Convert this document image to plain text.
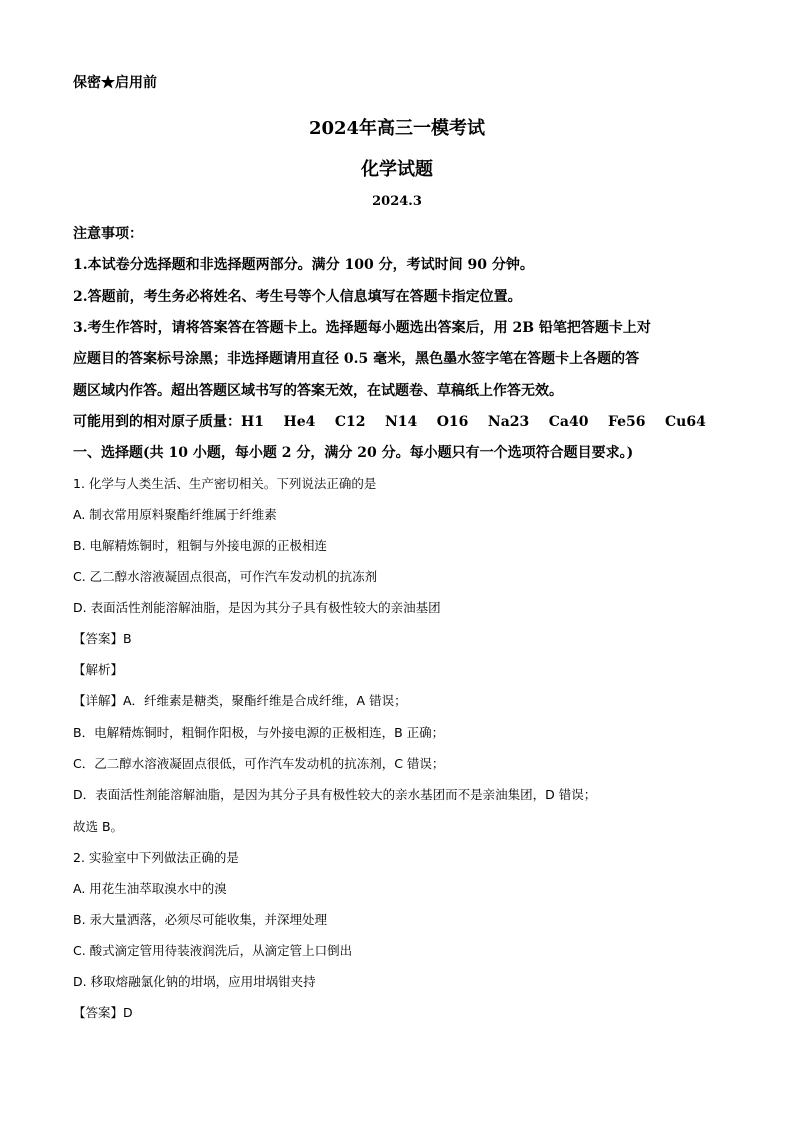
保密★启用前
2024年高三一模考试
化学试题
2024.3
注意事项：
1.本试卷分选择题和非选择题两部分。满分 100 分，考试时间 90 分钟。
2.答题前，考生务必将姓名、考生号等个人信息填写在答题卡指定位置。
3.考生作答时，请将答案答在答题卡上。选择题每小题选出答案后，用 2B 铅笔把答题卡上对
应题目的答案标号涂黑；非选择题请用直径 0.5 毫米，黑色墨水签字笔在答题卡上各题的答
题区域内作答。超出答题区域书写的答案无效，在试题卷、草稿纸上作答无效。
可能用到的相对原子质量：H1    He4    C12    N14    O16    Na23    Ca40    Fe56    Cu64
一、选择题(共 10 小题，每小题 2 分，满分 20 分。每小题只有一个选项符合题目要求。)
1. 化学与人类生活、生产密切相关。下列说法正确的是
A. 制衣常用原料聚酯纤维属于纤维素
B. 电解精炼铜时，粗铜与外接电源的正极相连
C. 乙二醇水溶液凝固点很高，可作汽车发动机的抗冻剂
D. 表面活性剂能溶解油脂，是因为其分子具有极性较大的亲油基团
【答案】B
【解析】
【详解】A．纤维素是糖类，聚酯纤维是合成纤维，A 错误；
B．电解精炼铜时，粗铜作阳极，与外接电源的正极相连，B 正确；
C．乙二醇水溶液凝固点很低，可作汽车发动机的抗冻剂，C 错误；
D．表面活性剂能溶解油脂，是因为其分子具有极性较大的亲水基团而不是亲油集团，D 错误；
故选 B。
2. 实验室中下列做法正确的是
A. 用花生油萃取溴水中的溴
B. 汞大量洒落，必须尽可能收集，并深埋处理
C. 酸式滴定管用待装液润洗后，从滴定管上口倒出
D. 移取熔融氯化钠的坩埚，应用坩埚钳夹持
【答案】D
